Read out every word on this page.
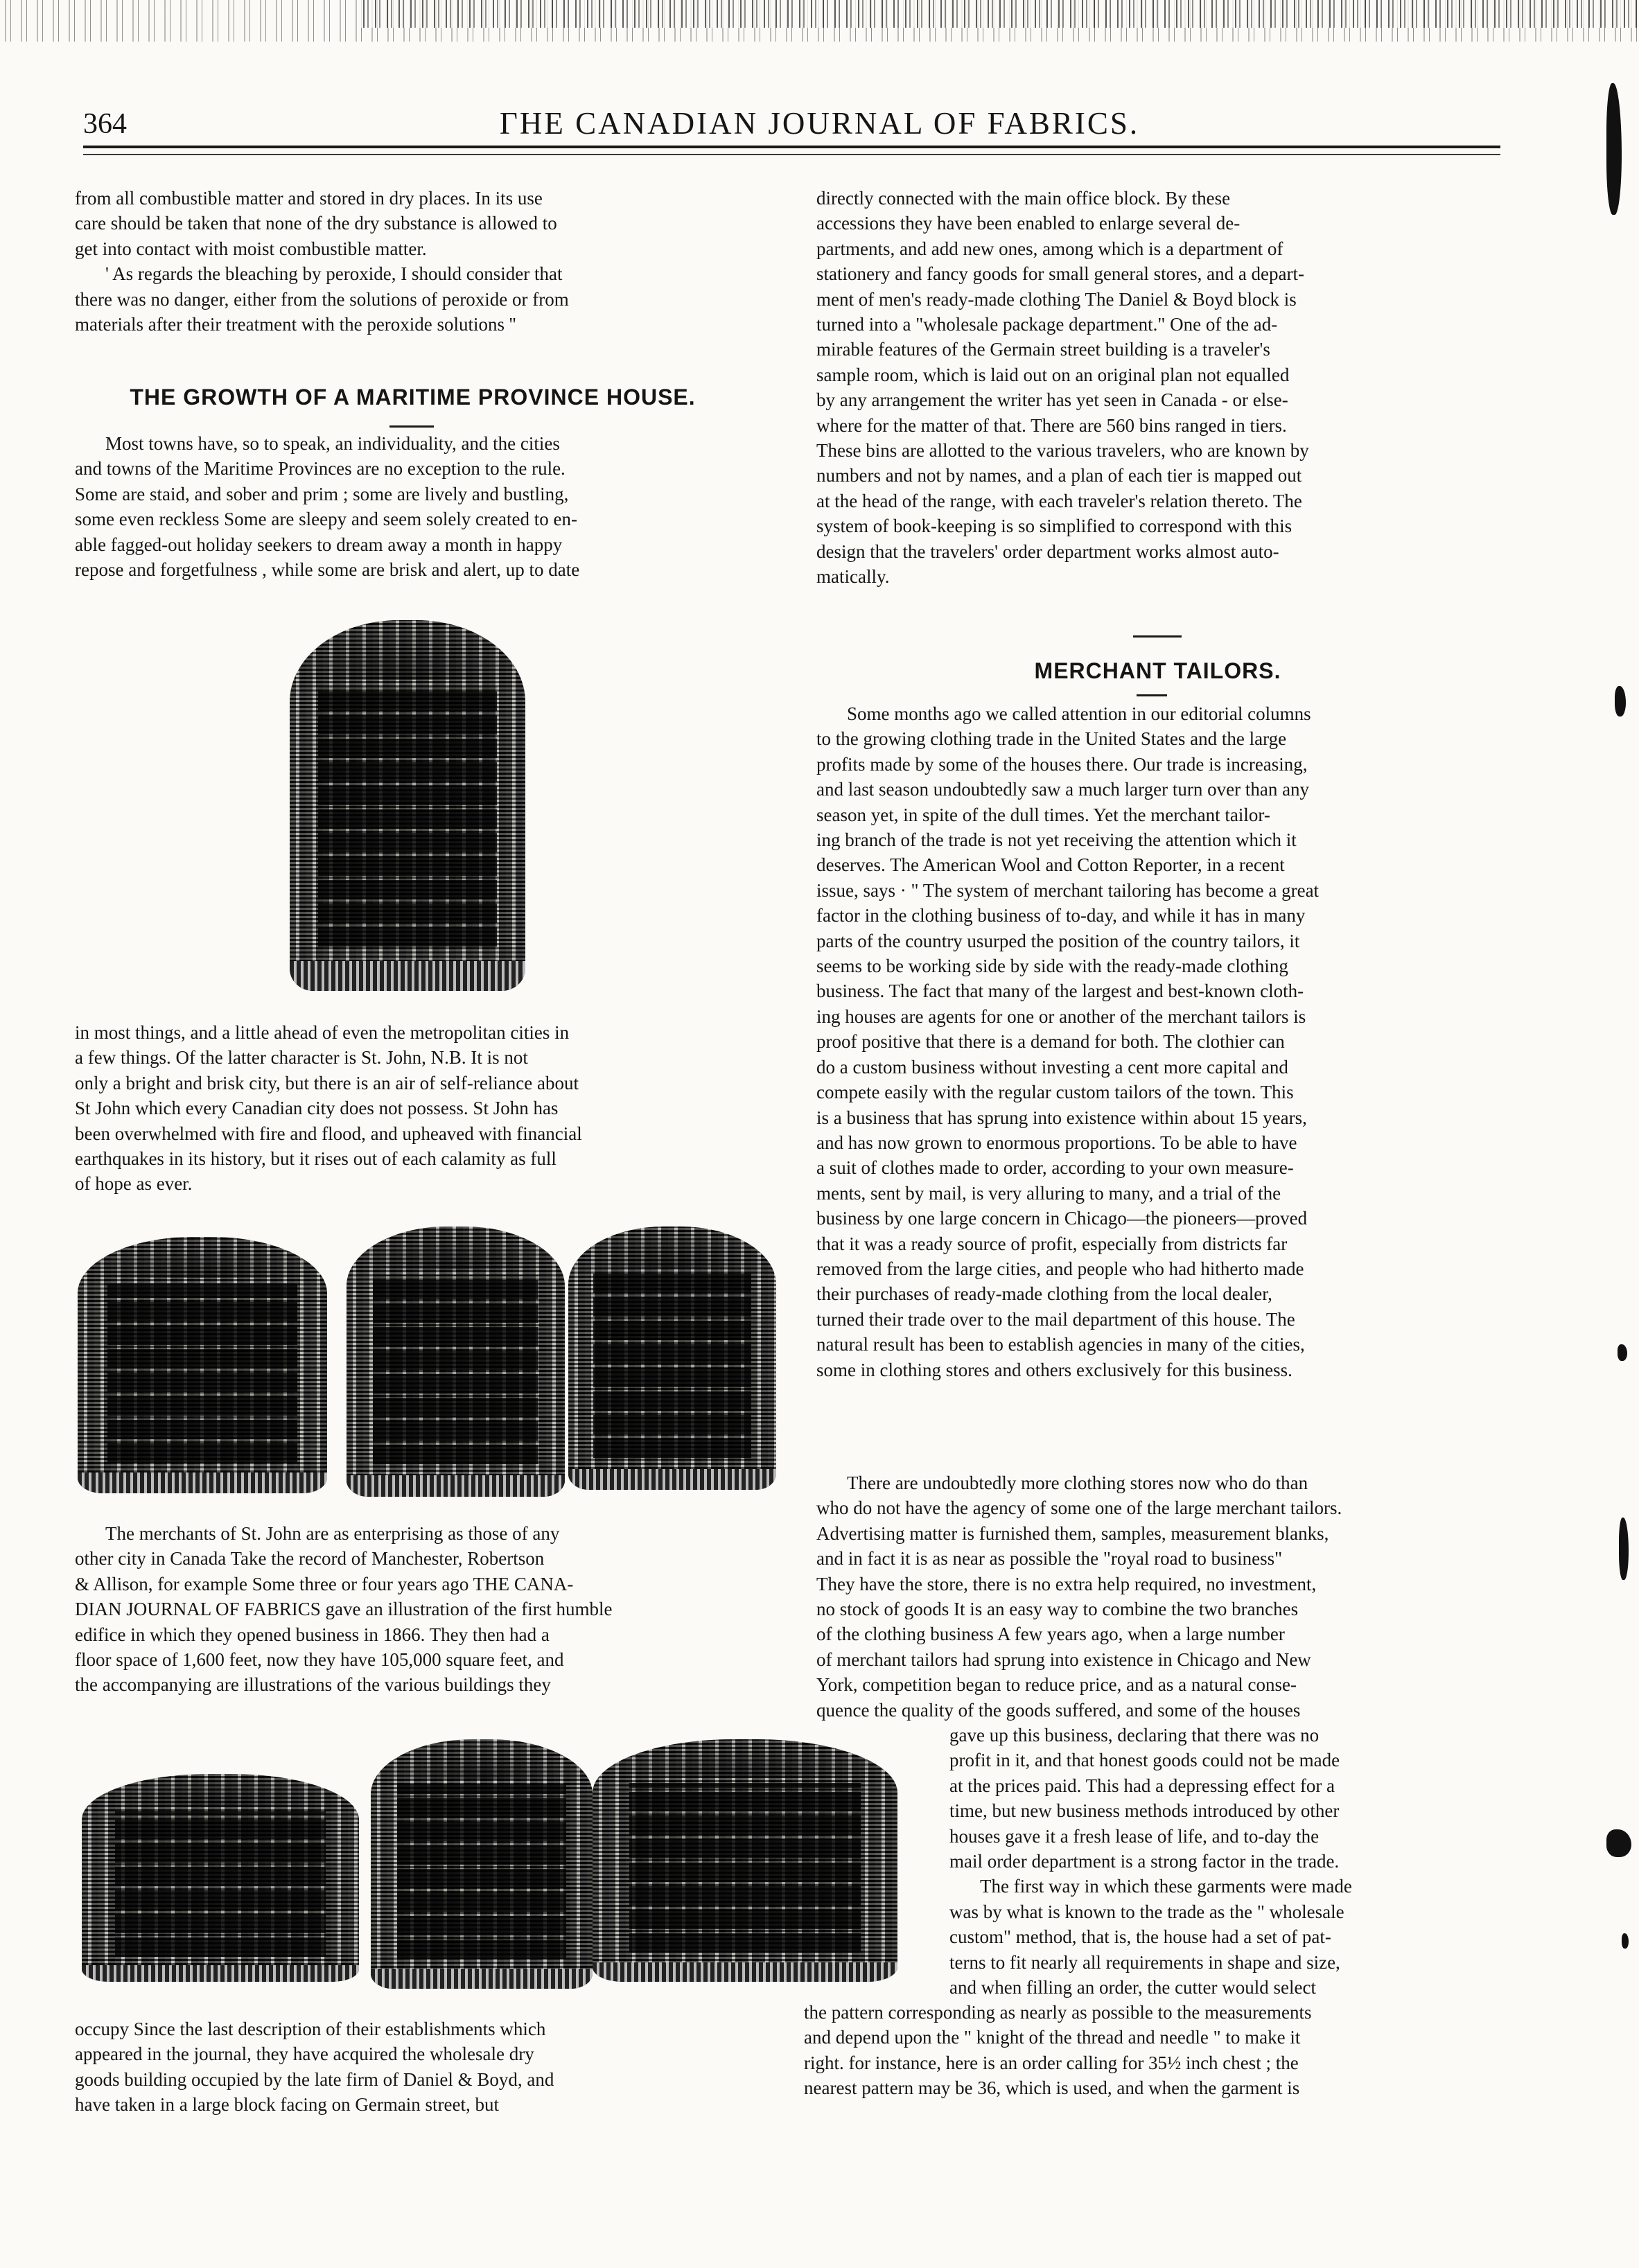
364	ГHE CANADIAN JOURNAL OF FABRICS.

from all combustible matter and stored in dry places. In its use

care should be taken that none of the dry substance is allowed to

get into contact with moist combustible matter.

' As regards the bleaching by peroxide, I should consider that

there was no danger, either from the solutions of peroxide or from

materials after their treatment with the peroxide solutions ''

THE GROWTH OF A MARITIME PROVINCE HOUSE.

Most towns have, so to speak, an individuality, and the cities

and towns of the Maritime Provinces are no exception to the rule.

Some are staid, and sober and prim ; some are lively and bustling,

some even reckless Some are sleepy and seem solely created to en-

able fagged-out holiday seekers to dream away a month in happy

repose and forgetfulness , while some are brisk and alert, up to date

in most things, and a little ahead of even the metropolitan cities in

a few things. Of the latter character is St. John, N.B. It is not

only a bright and brisk city, but there is an air of self-reliance about

St John which every Canadian city does not possess. St John has

been overwhelmed with fire and flood, and upheaved with financial

earthquakes in its history, but it rises out of each calamity as full

of hope as ever.

The merchants of St. John are as enterprising as those of any

other city in Canada Take the record of Manchester, Robertson

& Allison, for example Some three or four years ago THE CANA-

DIAN JOURNAL OF FABRICS gave an illustration of the first humble

edifice in which they opened business in 1866. They then had a

floor space of 1,600 feet, now they have 105,000 square feet, and

the accompanying are illustrations of the various buildings they

occupy Since the last description of their establishments which

appeared in the journal, they have acquired the wholesale dry

goods building occupied by the late firm of Daniel & Boyd, and

have taken in a large block facing on Germain street, but

directly connected with the main office block. By these

accessions they have been enabled to enlarge several de-

partments, and add new ones, among which is a department of

stationery and fancy goods for small general stores, and a depart-

ment of men's ready-made clothing The Daniel & Boyd block is

turned into a "wholesale package department." One of the ad-

mirable features of the Germain street building is a traveler's

sample room, which is laid out on an original plan not equalled

by any arrangement the writer has yet seen in Canada - or else-

where for the matter of that. There are 560 bins ranged in tiers.

These bins are allotted to the various travelers, who are known by

numbers and not by names, and a plan of each tier is mapped out

at the head of the range, with each traveler's relation thereto. The

system of book-keeping is so simplified to correspond with this

design that the travelers' order department works almost auto-

matically.

MERCHANT TAILORS.

Some months ago we called attention in our editorial columns

to the growing clothing trade in the United States and the large

profits made by some of the houses there. Our trade is increasing,

and last season undoubtedly saw a much larger turn over than any

season yet, in spite of the dull times. Yet the merchant tailor-

ing branch of the trade is not yet receiving the attention which it

deserves. The American Wool and Cotton Reporter, in a recent

issue, says · " The system of merchant tailoring has become a great

factor in the clothing business of to-day, and while it has in many

parts of the country usurped the position of the country tailors, it

seems to be working side by side with the ready-made clothing

business. The fact that many of the largest and best-known cloth-

ing houses are agents for one or another of the merchant tailors is

proof positive that there is a demand for both. The clothier can

do a custom business without investing a cent more capital and

compete easily with the regular custom tailors of the town. This

is a business that has sprung into existence within about 15 years,

and has now grown to enormous proportions. To be able to have

a suit of clothes made to order, according to your own measure-

ments, sent by mail, is very alluring to many, and a trial of the

business by one large concern in Chicago—the pioneers—proved

that it was a ready source of profit, especially from districts far

removed from the large cities, and people who had hitherto made

their purchases of ready-made clothing from the local dealer,

turned their trade over to the mail department of this house. The

natural result has been to establish agencies in many of the cities,

some in clothing stores and others exclusively for this business.

There are undoubtedly more clothing stores now who do than

who do not have the agency of some one of the large merchant tailors.

Advertising matter is furnished them, samples, measurement blanks,

and in fact it is as near as possible the "royal road to business"

They have the store, there is no extra help required, no investment,

no stock of goods It is an easy way to combine the two branches

of the clothing business A few years ago, when a large number

of merchant tailors had sprung into existence in Chicago and New

York, competition began to reduce price, and as a natural conse-

quence the quality of the goods suffered, and some of the houses

gave up this business, declaring that there was no

profit in it, and that honest goods could not be made

at the prices paid. This had a depressing effect for a

time, but new business methods introduced by other

houses gave it a fresh lease of life, and to-day the

mail order department is a strong factor in the trade.

The first way in which these garments were made

was by what is known to the trade as the " wholesale

custom" method, that is, the house had a set of pat-

terns to fit nearly all requirements in shape and size,

and when filling an order, the cutter would select

the pattern corresponding as nearly as possible to the measurements

and depend upon the " knight of the thread and needle " to make it

right. for instance, here is an order calling for 35½ inch chest ; the

nearest pattern may be 36, which is used, and when the garment is
